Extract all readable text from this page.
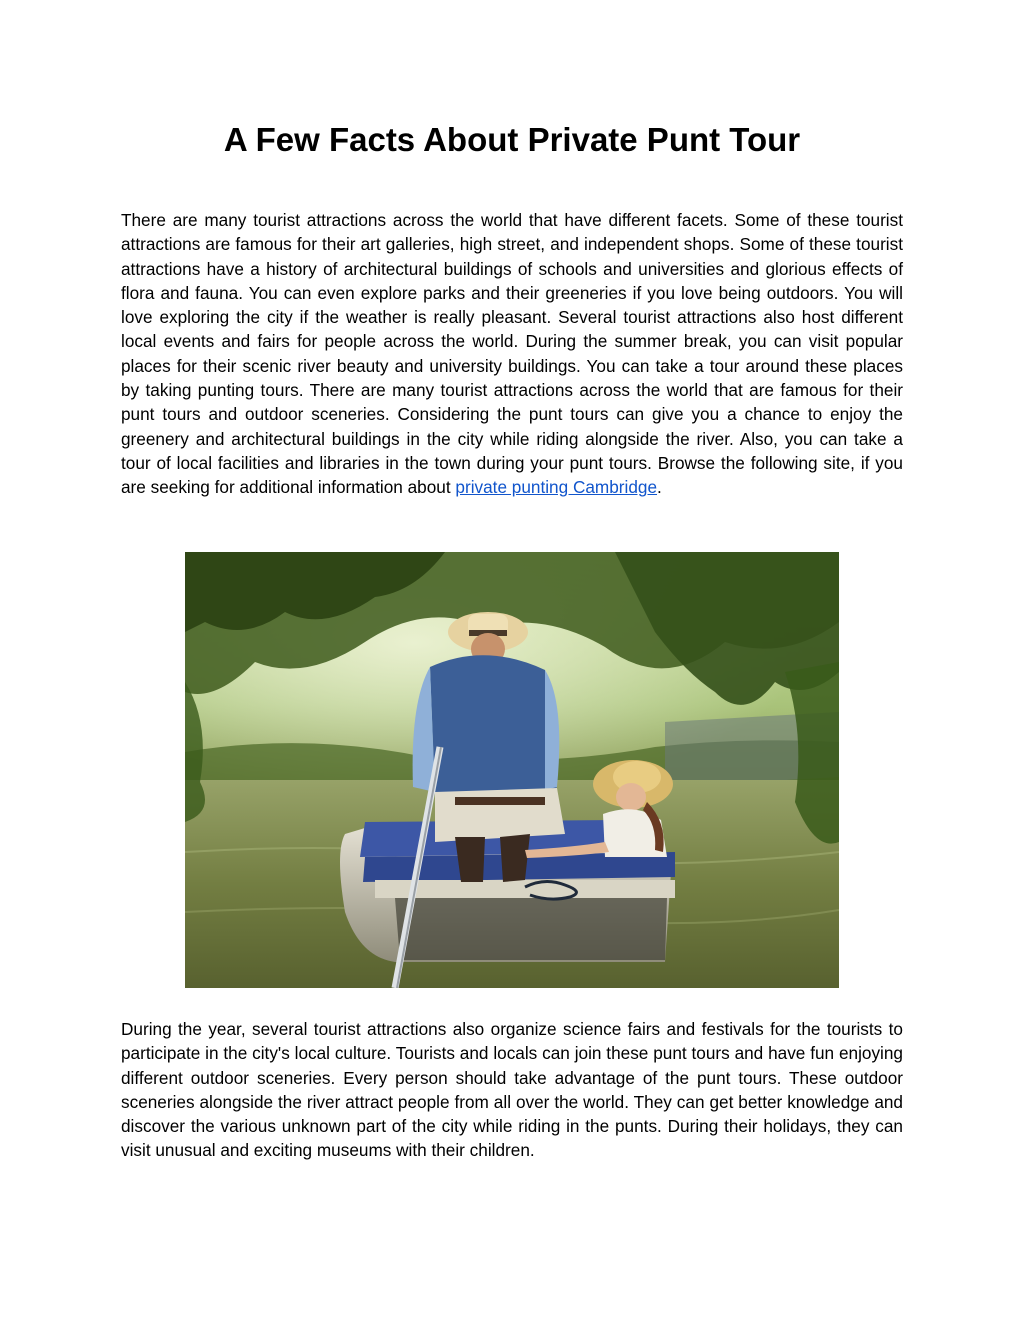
A Few Facts About Private Punt Tour

There are many tourist attractions across the world that have different facets. Some of these tourist attractions are famous for their art galleries, high street, and independent shops. Some of these tourist attractions have a history of architectural buildings of schools and universities and glorious effects of flora and fauna. You can even explore parks and their greeneries if you love being outdoors. You will love exploring the city if the weather is really pleasant. Several tourist attractions also host different local events and fairs for people across the world. During the summer break, you can visit popular places for their scenic river beauty and university buildings. You can take a tour around these places by taking punting tours. There are many tourist attractions across the world that are famous for their punt tours and outdoor sceneries. Considering the punt tours can give you a chance to enjoy the greenery and architectural buildings in the city while riding alongside the river. Also, you can take a tour of local facilities and libraries in the town during your punt tours. Browse the following site, if you are seeking for additional information about private punting Cambridge.

During the year, several tourist attractions also organize science fairs and festivals for the tourists to participate in the city's local culture. Tourists and locals can join these punt tours and have fun enjoying different outdoor sceneries. Every person should take advantage of the punt tours. These outdoor sceneries alongside the river attract people from all over the world. They can get better knowledge and discover the various unknown part of the city while riding in the punts. During their holidays, they can visit unusual and exciting museums with their children.
